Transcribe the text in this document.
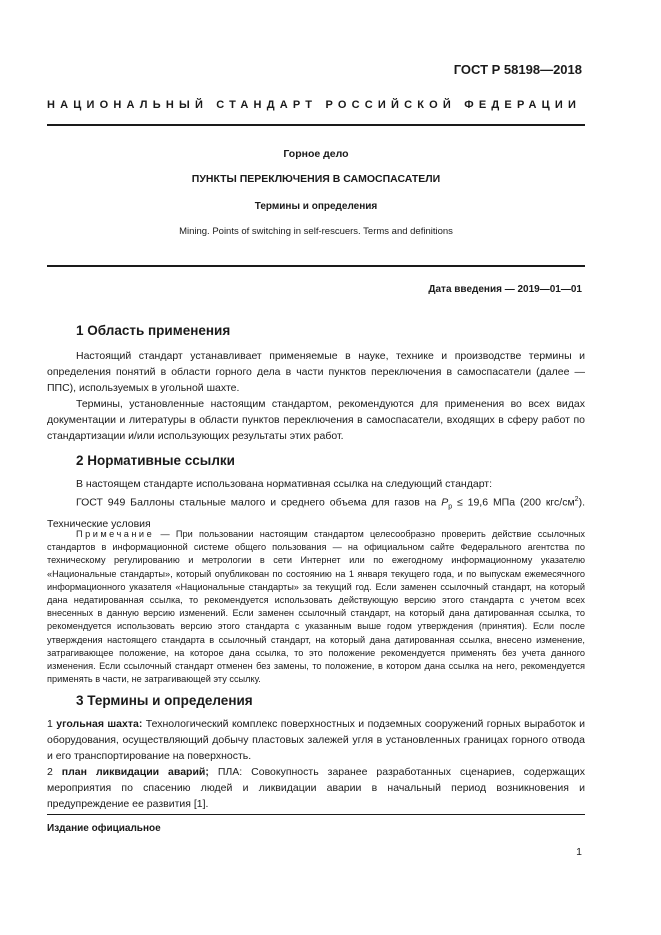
ГОСТ Р 58198—2018
НАЦИОНАЛЬНЫЙ СТАНДАРТ РОССИЙСКОЙ ФЕДЕРАЦИИ
Горное дело
ПУНКТЫ ПЕРЕКЛЮЧЕНИЯ В САМОСПАСАТЕЛИ
Термины и определения
Mining. Points of switching in self-rescuers. Terms and definitions
Дата введения — 2019—01—01
1 Область применения
Настоящий стандарт устанавливает применяемые в науке, технике и производстве термины и определения понятий в области горного дела в части пунктов переключения в самоспасатели (далее — ППС), используемых в угольной шахте.
Термины, установленные настоящим стандартом, рекомендуются для применения во всех видах документации и литературы в области пунктов переключения в самоспасатели, входящих в сферу работ по стандартизации и/или использующих результаты этих работ.
2 Нормативные ссылки
В настоящем стандарте использована нормативная ссылка на следующий стандарт:
ГОСТ 949 Баллоны стальные малого и среднего объема для газов на $P_р \le 19,6$ МПа (200 кгс/$см^2$). Технические условия
Примечание — При пользовании настоящим стандартом целесообразно проверить действие ссылочных стандартов в информационной системе общего пользования — на официальном сайте Федерального агентства по техническому регулированию и метрологии в сети Интернет или по ежегодному информационному указателю «Национальные стандарты», который опубликован по состоянию на 1 января текущего года, и по выпускам ежемесячного информационного указателя «Национальные стандарты» за текущий год. Если заменен ссылочный стандарт, на который дана недатированная ссылка, то рекомендуется использовать действующую версию этого стандарта с учетом всех внесенных в данную версию изменений. Если заменен ссылочный стандарт, на который дана датированная ссылка, то рекомендуется использовать версию этого стандарта с указанным выше годом утверждения (принятия). Если после утверждения настоящего стандарта в ссылочный стандарт, на который дана датированная ссылка, внесено изменение, затрагивающее положение, на которое дана ссылка, то это положение рекомендуется применять без учета данного изменения. Если ссылочный стандарт отменен без замены, то положение, в котором дана ссылка на него, рекомендуется применять в части, не затрагивающей эту ссылку.
3 Термины и определения
1 угольная шахта: Технологический комплекс поверхностных и подземных сооружений горных выработок и оборудования, осуществляющий добычу пластовых залежей угля в установленных границах горного отвода и его транспортирование на поверхность.
2 план ликвидации аварий; ПЛА: Совокупность заранее разработанных сценариев, содержащих мероприятия по спасению людей и ликвидации аварии в начальный период возникновения и предупреждение ее развития [1].
Издание официальное
1
